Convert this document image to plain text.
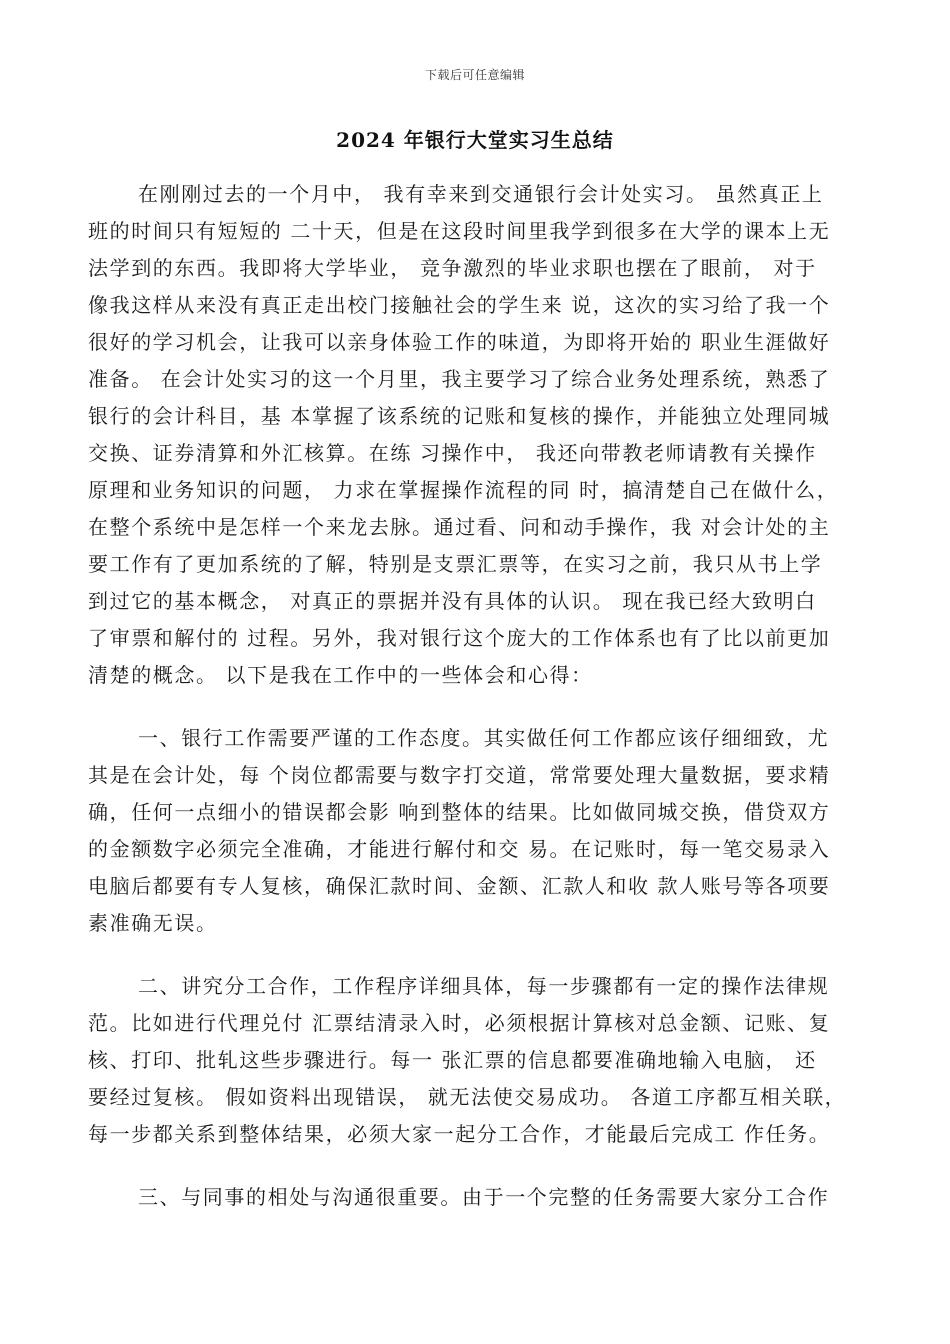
下载后可任意编辑
2024 年银行大堂实习生总结
在刚刚过去的一个月中， 我有幸来到交通银行会计处实习。 虽然真正上
班的时间只有短短的 二十天，但是在这段时间里我学到很多在大学的课本上无
法学到的东西。我即将大学毕业， 竞争激烈的毕业求职也摆在了眼前， 对于
像我这样从来没有真正走出校门接触社会的学生来 说，这次的实习给了我一个
很好的学习机会，让我可以亲身体验工作的味道，为即将开始的 职业生涯做好
准备。 在会计处实习的这一个月里，我主要学习了综合业务处理系统，熟悉了
银行的会计科目，基 本掌握了该系统的记账和复核的操作，并能独立处理同城
交换、证券清算和外汇核算。在练 习操作中， 我还向带教老师请教有关操作
原理和业务知识的问题， 力求在掌握操作流程的同 时，搞清楚自己在做什么，
在整个系统中是怎样一个来龙去脉。通过看、问和动手操作，我 对会计处的主
要工作有了更加系统的了解，特别是支票汇票等，在实习之前，我只从书上学
到过它的基本概念， 对真正的票据并没有具体的认识。 现在我已经大致明白
了审票和解付的 过程。另外，我对银行这个庞大的工作体系也有了比以前更加
清楚的概念。 以下是我在工作中的一些体会和心得：
一、银行工作需要严谨的工作态度。其实做任何工作都应该仔细细致，尤
其是在会计处，每 个岗位都需要与数字打交道，常常要处理大量数据，要求精
确，任何一点细小的错误都会影 响到整体的结果。比如做同城交换，借贷双方
的金额数字必须完全准确，才能进行解付和交 易。在记账时，每一笔交易录入
电脑后都要有专人复核，确保汇款时间、金额、汇款人和收 款人账号等各项要
素准确无误。
二、讲究分工合作，工作程序详细具体，每一步骤都有一定的操作法律规
范。比如进行代理兑付 汇票结清录入时，必须根据计算核对总金额、记账、复
核、打印、批轧这些步骤进行。每一 张汇票的信息都要准确地输入电脑， 还
要经过复核。 假如资料出现错误， 就无法使交易成功。 各道工序都互相关联，
每一步都关系到整体结果，必须大家一起分工合作，才能最后完成工 作任务。
三、与同事的相处与沟通很重要。由于一个完整的任务需要大家分工合作
